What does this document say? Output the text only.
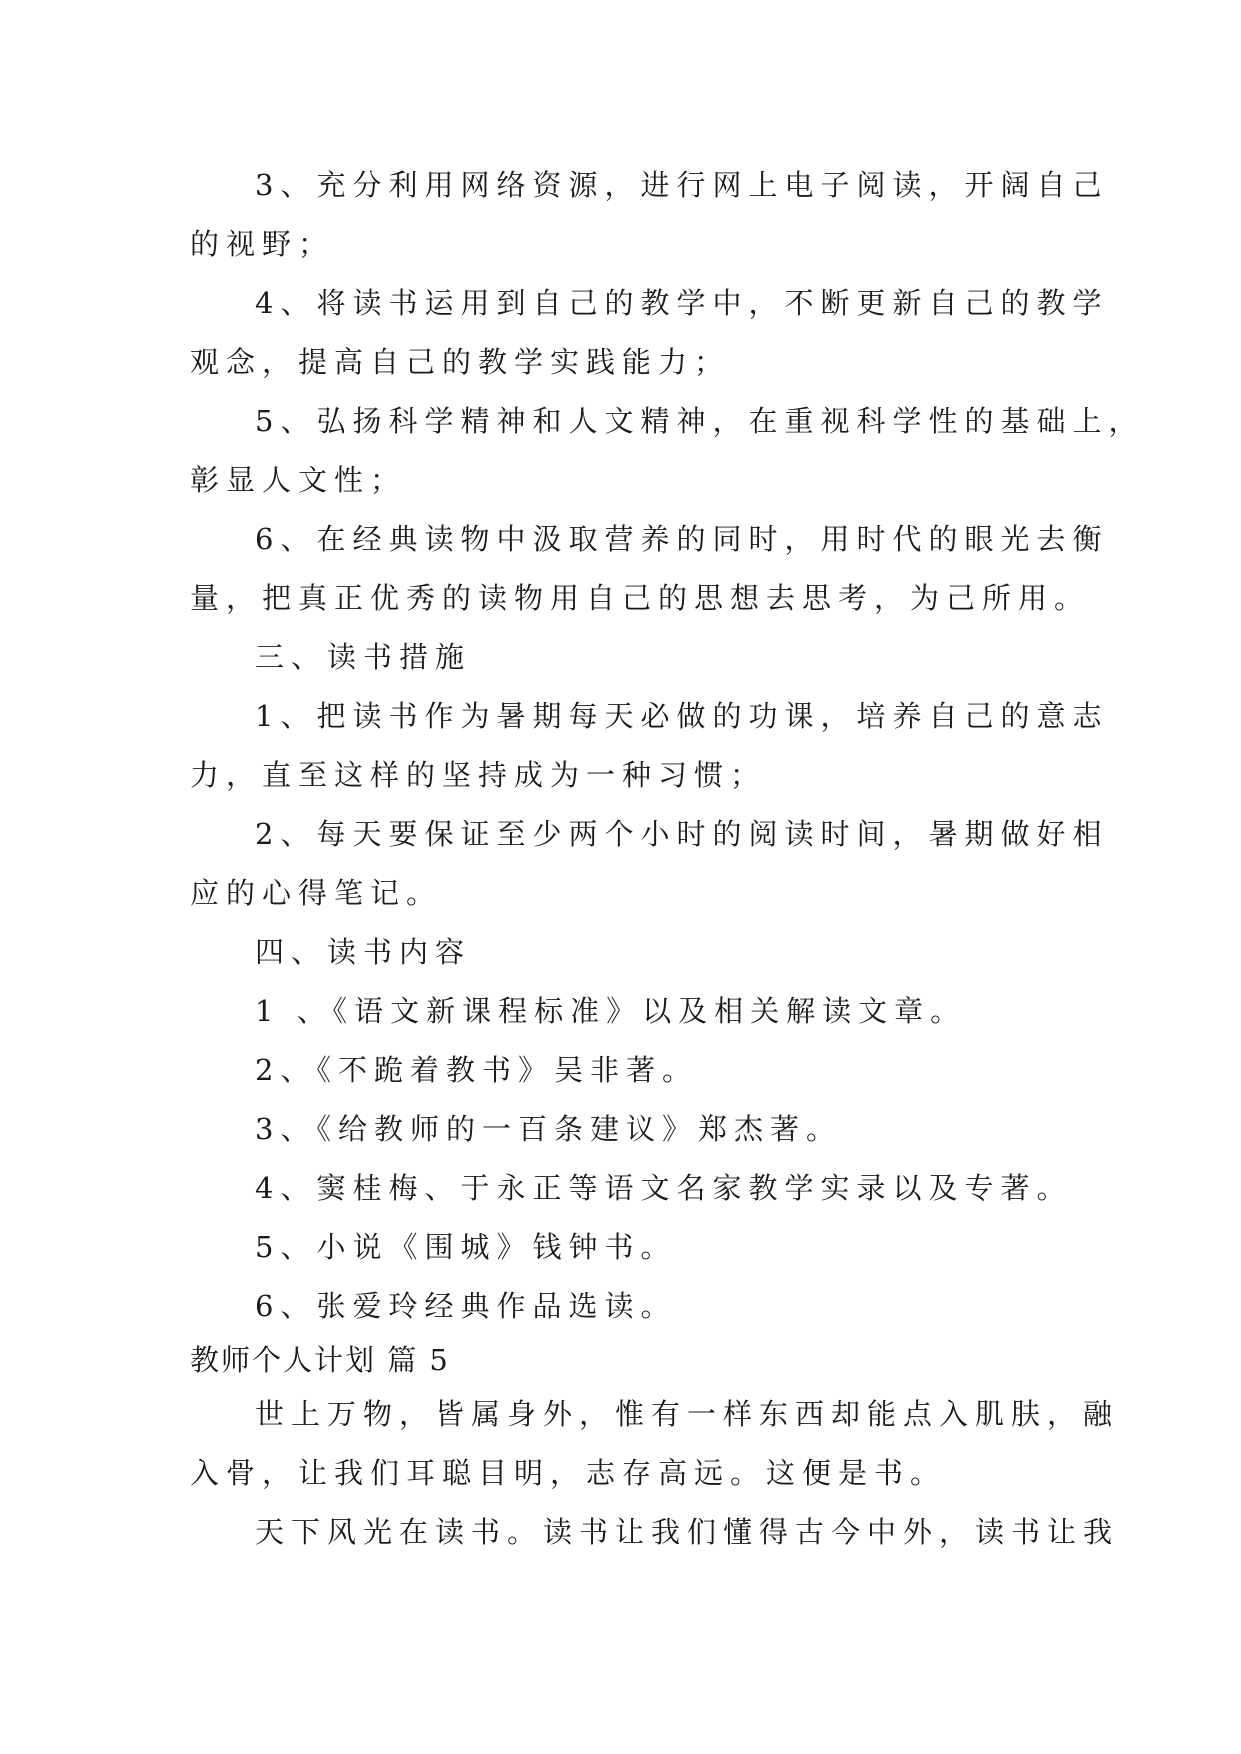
3、充分利用网络资源，进行网上电子阅读，开阔自己
的视野；
4、将读书运用到自己的教学中，不断更新自己的教学
观念，提高自己的教学实践能力；
5、弘扬科学精神和人文精神，在重视科学性的基础上，
彰显人文性；
6、在经典读物中汲取营养的同时，用时代的眼光去衡
量，把真正优秀的读物用自己的思想去思考，为己所用。
三、读书措施
1、把读书作为暑期每天必做的功课，培养自己的意志
力，直至这样的坚持成为一种习惯；
2、每天要保证至少两个小时的阅读时间，暑期做好相
应的心得笔记。
四、读书内容
1 、《语文新课程标准》以及相关解读文章。
2、《不跪着教书》吴非著。
3、《给教师的一百条建议》郑杰著。
4、窦桂梅、于永正等语文名家教学实录以及专著。
5、小说《围城》钱钟书。
6、张爱玲经典作品选读。
教师个人计划 篇 5
世上万物，皆属身外，惟有一样东西却能点入肌肤，融
入骨，让我们耳聪目明，志存高远。这便是书。
天下风光在读书。读书让我们懂得古今中外，读书让我
